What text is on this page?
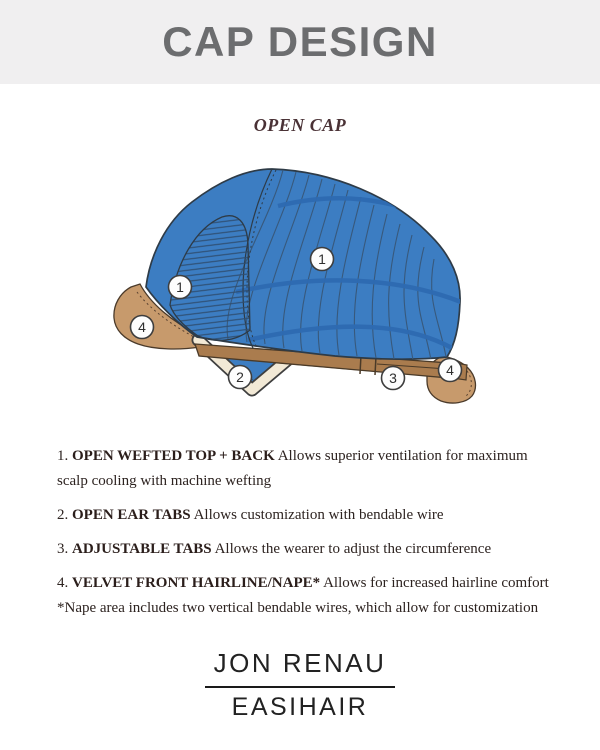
CAP DESIGN
OPEN CAP
1
1
2	3
4
4

1. OPEN WEFTED TOP + BACK Allows superior ventilation for maximum

scalp cooling with machine wefting

2. OPEN EAR TABS Allows customization with bendable wire

3. ADJUSTABLE TABS Allows the wearer to adjust the circumference

4. VELVET FRONT HAIRLINE/NAPE* Allows for increased hairline comfort

*Nape area includes two vertical bendable wires, which allow for customization

JON RENAU
EASIHAIR
